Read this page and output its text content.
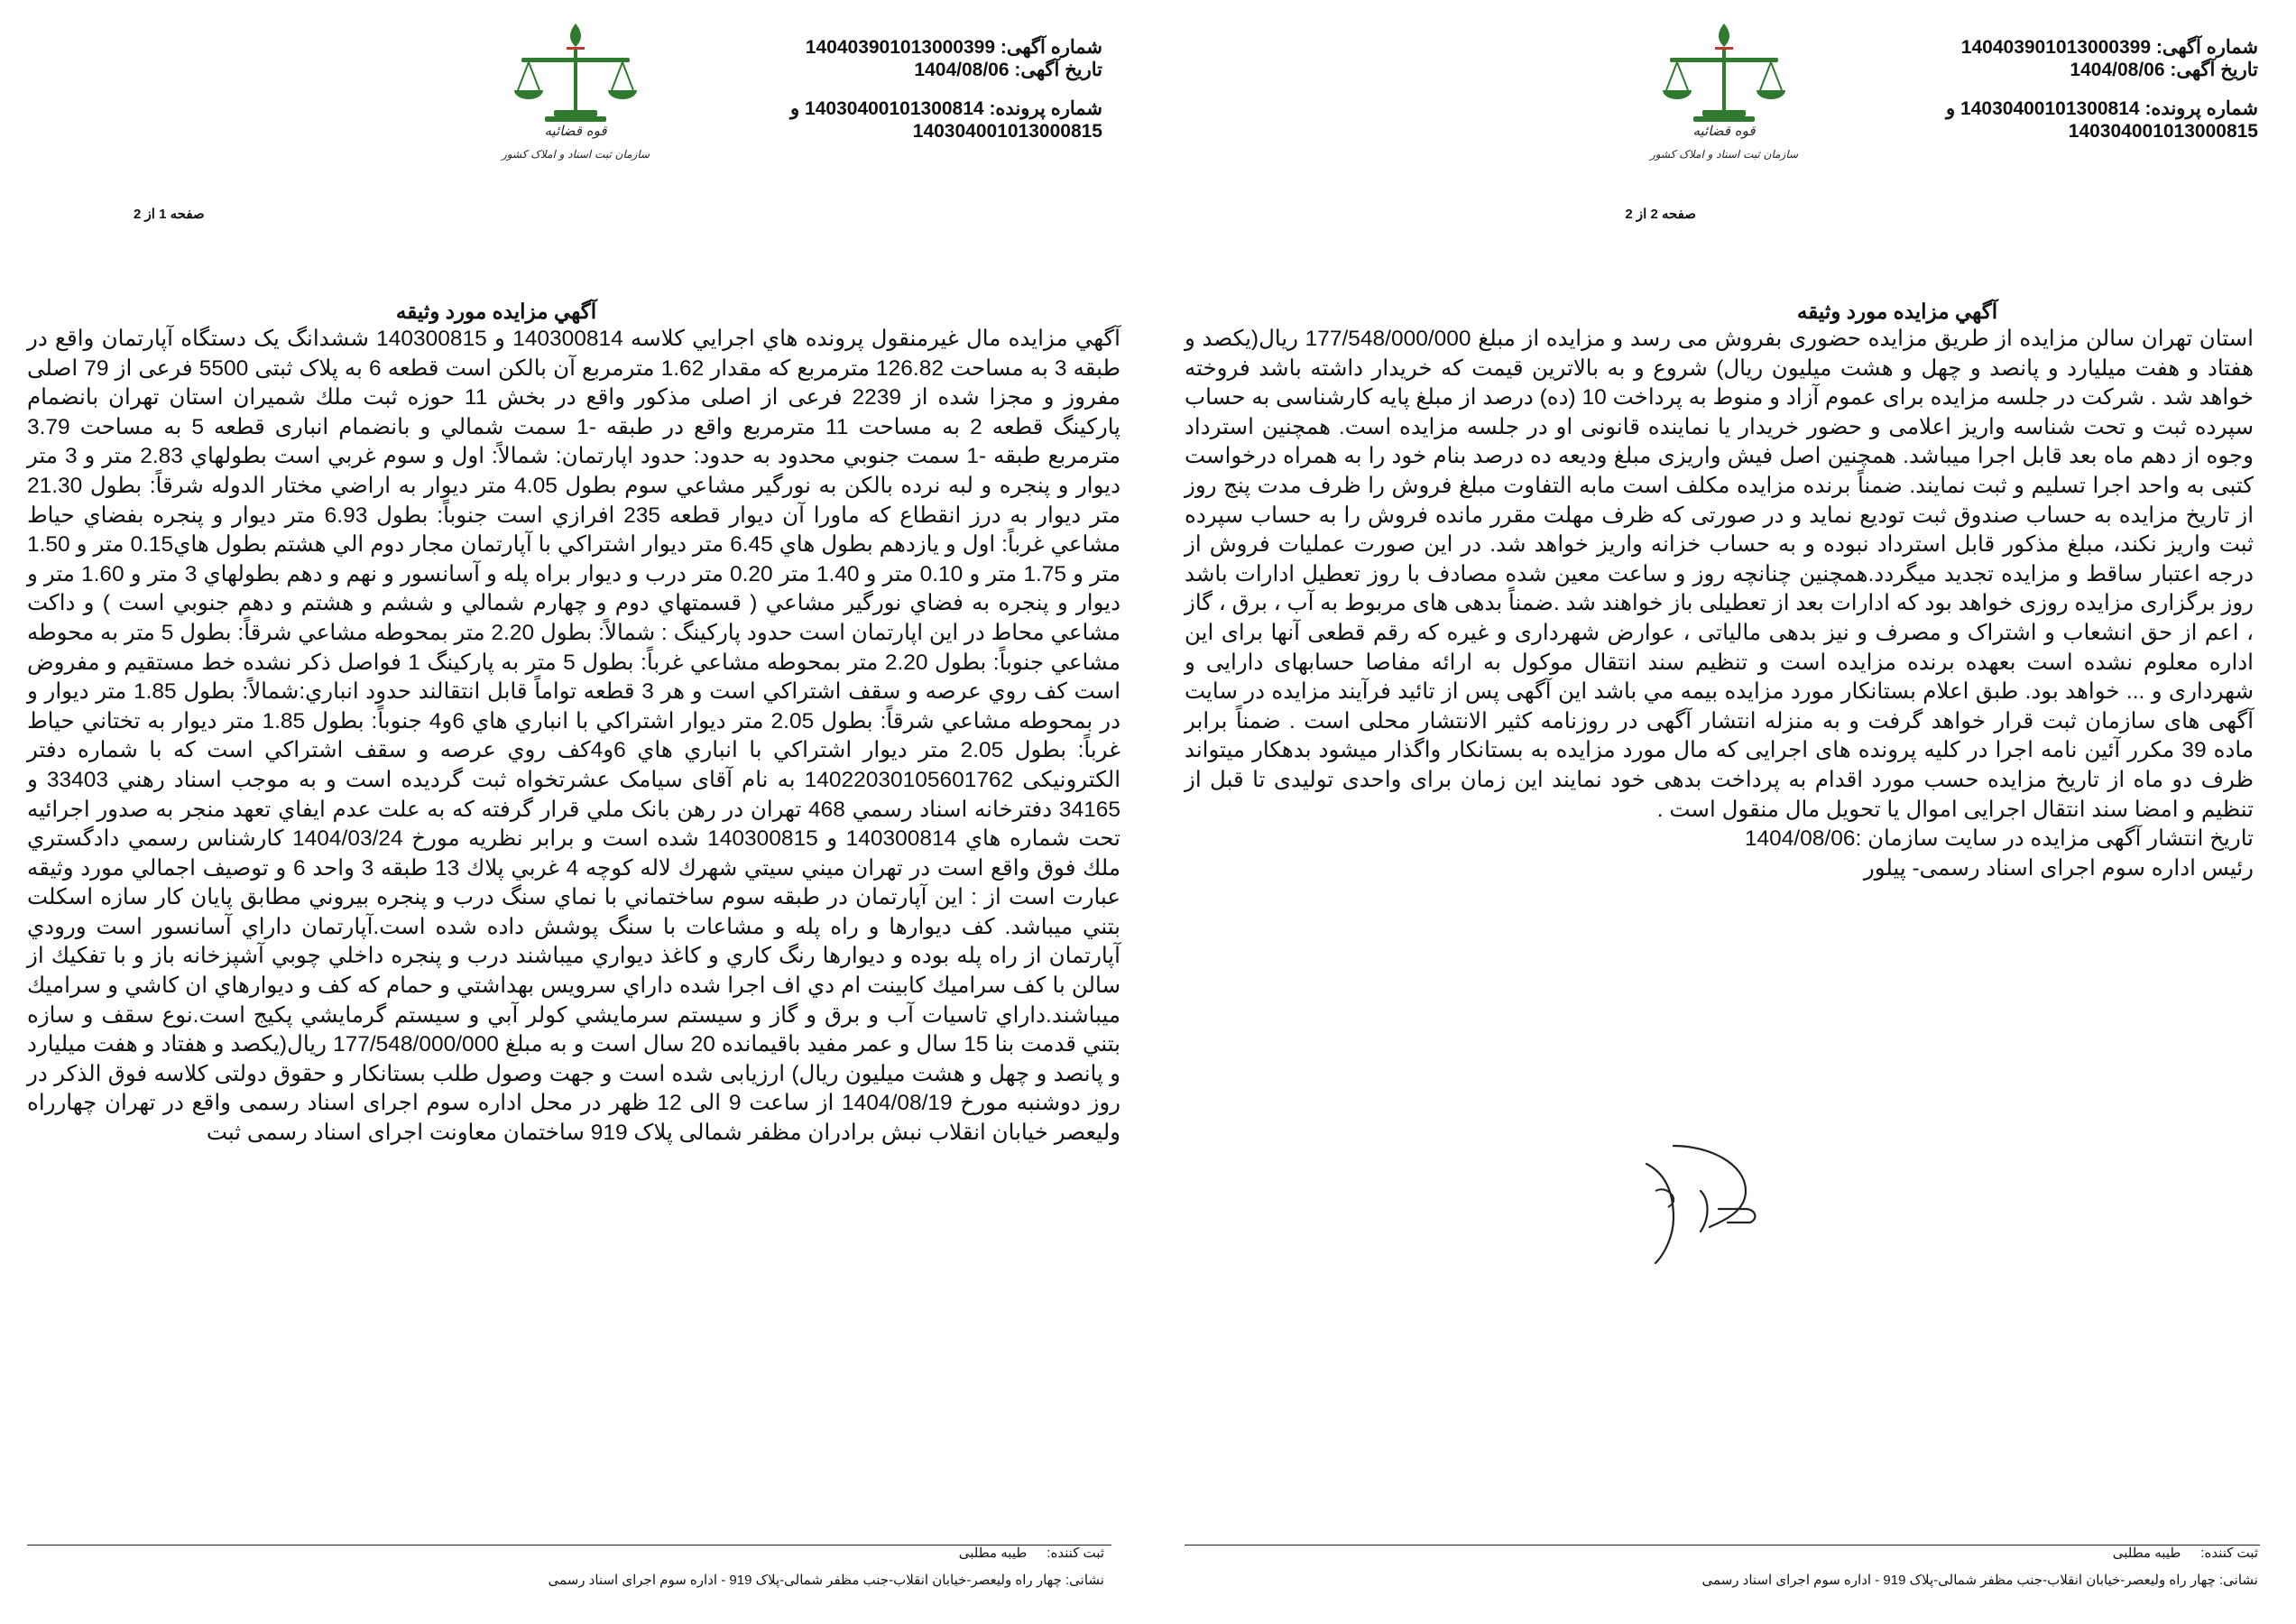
قوه قضائیه
سازمان ثبت اسناد و املاک کشور
شماره آگهی: 140403901013000399
تاریخ آگهی: 1404/08/06
شماره پرونده: 14030400101300814 و
140304001013000815
صفحه 2 از 2
آگهي مزايده مورد وثيقه

استان تهران سالن مزايده از طريق مزايده حضوری بفروش می رسد و مزايده از مبلغ 177/548/000/000 ريال(يکصد و هفتاد و هفت ميليارد و پانصد و چهل و هشت ميليون ريال) شروع و به بالاترين قيمت که خريدار داشته باشد فروخته خواهد شد . شرکت در جلسه مزايده برای عموم آزاد و منوط به پرداخت 10 (ده) درصد از مبلغ پايه کارشناسی به حساب سپرده ثبت و تحت شناسه واريز اعلامی و حضور خريدار يا نماينده قانونی او در جلسه مزايده است. همچنين استرداد وجوه از دهم ماه بعد قابل اجرا ميباشد. همچنين اصل فيش واريزی مبلغ وديعه ده درصد بنام خود را به همراه درخواست کتبی به واحد اجرا تسليم و ثبت نمايند. ضمناً برنده مزايده مکلف است مابه التفاوت مبلغ فروش را ظرف مدت پنج روز از تاريخ مزايده به حساب صندوق ثبت توديع نمايد و در صورتی که ظرف مهلت مقرر مانده فروش را به حساب سپرده ثبت واريز نکند، مبلغ مذکور قابل استرداد نبوده و به حساب خزانه واريز خواهد شد. در اين صورت عمليات فروش از درجه اعتبار ساقط و مزايده تجديد ميگردد.همچنين چنانچه روز و ساعت معين شده مصادف با روز تعطيل ادارات باشد روز برگزاری مزايده روزی خواهد بود که ادارات بعد از تعطيلی باز خواهند شد .ضمناً بدهی های مربوط به آب ، برق ، گاز ، اعم از حق انشعاب و اشتراک و مصرف و نيز بدهی مالياتی ، عوارض شهرداری و غيره که رقم قطعی آنها برای اين اداره معلوم نشده است بعهده برنده مزايده است و تنظيم سند انتقال موکول به ارائه مفاصا حسابهای دارايی و شهرداری و ... خواهد بود. طبق اعلام بستانکار مورد مزايده بيمه مي باشد اين آگهی پس از تائيد فرآيند مزايده در سايت آگهی های سازمان ثبت قرار خواهد گرفت و به منزله انتشار آگهی در روزنامه کثير الانتشار محلی است . ضمناً برابر ماده 39 مکرر آئين نامه اجرا در کليه پرونده های اجرايی که مال مورد مزايده به بستانکار واگذار ميشود بدهکار ميتواند ظرف دو ماه از تاريخ مزايده حسب مورد اقدام به پرداخت بدهی خود نمايند اين زمان برای واحدی توليدی تا قبل از تنظيم و امضا سند انتقال اجرايی اموال يا تحويل مال منقول است .

تاریخ انتشار آگهی مزایده در سایت سازمان :1404/08/06

رئیس اداره سوم اجرای اسناد رسمی- پیلور

ثبت کننده:
طیبه مطلبی
نشانی: چهار راه ولیعصر-خیابان انقلاب-جنب مظفر شمالی-پلاک 919 - اداره سوم اجرای اسناد رسمی
قوه قضائیه
سازمان ثبت اسناد و املاک کشور
شماره آگهی: 140403901013000399
تاریخ آگهی: 1404/08/06
شماره پرونده: 14030400101300814 و
140304001013000815
صفحه 1 از 2
آگهي مزايده مورد وثيقه

آگهي مزايده مال غيرمنقول پرونده هاي اجرايي کلاسه 140300814 و 140300815 ششدانگ يک دستگاه آپارتمان واقع در طبقه 3 به مساحت 126.82 مترمربع که مقدار 1.62 مترمربع آن بالکن است قطعه 6 به پلاک ثبتی 5500 فرعی از 79 اصلی مفروز و مجزا شده از 2239 فرعی از اصلی مذکور واقع در بخش 11 حوزه ثبت ملك شميران استان تهران بانضمام پارکينگ قطعه 2 به مساحت 11 مترمربع واقع در طبقه -1 سمت شمالي و بانضمام انباری قطعه 5 به مساحت 3.79 مترمربع طبقه -1 سمت جنوبي محدود به حدود: حدود اپارتمان: شمالاً: اول و سوم غربي است بطولهاي 2.83 متر و 3 متر ديوار و پنجره و لبه نرده بالكن به نورگير مشاعي سوم بطول 4.05 متر ديوار به اراضي مختار الدوله شرقاً: بطول 21.30 متر ديوار به درز انقطاع كه ماورا آن ديوار قطعه 235 افرازي است جنوباً: بطول 6.93 متر ديوار و پنجره بفضاي حياط مشاعي غرباً: اول و يازدهم بطول هاي 6.45 متر ديوار اشتراكي با آپارتمان مجار دوم الي هشتم بطول هاي0.15 متر و 1.50 متر و 1.75 متر و 0.10 متر و 1.40 متر 0.20 متر درب و ديوار براه پله و آسانسور و نهم و دهم بطولهاي 3 متر و 1.60 متر و ديوار و پنجره به فضاي نورگير مشاعي ( قسمتهاي دوم و چهارم شمالي و ششم و هشتم و دهم جنوبي است ) و داكت مشاعي محاط در اين اپارتمان است حدود پاركينگ : شمالاً: بطول 2.20 متر بمحوطه مشاعي شرقاً: بطول 5 متر به محوطه مشاعي جنوباً: بطول 2.20 متر بمحوطه مشاعي غرباً: بطول 5 متر به پاركينگ 1 فواصل ذكر نشده خط مستقيم و مفروض است كف روي عرصه و سقف اشتراكي است و هر 3 قطعه تواماً قابل انتقالند حدود انباري:شمالاً: بطول 1.85 متر ديوار و در بمحوطه مشاعي شرقاً: بطول 2.05 متر ديوار اشتراكي با انباري هاي 6و4 جنوباً: بطول 1.85 متر ديوار به تختاني حياط غرباً: بطول 2.05 متر ديوار اشتراكي با انباري هاي 6و4كف روي عرصه و سقف اشتراكي است كه با شماره دفتر الکترونیکی 14022030105601762 به نام آقای سیامک عشرتخواه ثبت گردیده است و به موجب اسناد رهني 33403 و 34165 دفترخانه اسناد رسمي 468 تهران در رهن بانک ملي قرار گرفته كه به علت عدم ايفاي تعهد منجر به صدور اجرائيه تحت شماره هاي 140300814 و 140300815 شده است و برابر نظريه مورخ 1404/03/24 كارشناس رسمي دادگستري ملك فوق واقع است در تهران ميني سيتي شهرك لاله کوچه 4 غربي پلاك 13 طبقه 3 واحد 6 و توصيف اجمالي مورد وثيقه عبارت است از : اين آپارتمان در طبقه سوم ساختماني با نماي سنگ درب و پنجره بيروني مطابق پايان كار سازه اسكلت بتني ميباشد. كف ديوارها و راه پله و مشاعات با سنگ پوشش داده شده است.آپارتمان داراي آسانسور است ورودي آپارتمان از راه پله بوده و ديوارها رنگ كاري و كاغذ ديواري ميباشند درب و پنجره داخلي چوبي آشپزخانه باز و با تفكيك از سالن با كف سراميك كابينت ام دي اف اجرا شده داراي سرويس بهداشتي و حمام كه كف و ديوارهاي ان كاشي و سراميك ميباشند.داراي تاسيات آب و برق و گاز و سيستم سرمايشي كولر آبي و سيستم گرمايشي پكيج است.نوع سقف و سازه بتني قدمت بنا 15 سال و عمر مفيد باقيمانده 20 سال است و به مبلغ 177/548/000/000 ريال(يکصد و هفتاد و هفت ميليارد و پانصد و چهل و هشت ميليون ريال) ارزيابی شده است و جهت وصول طلب بستانکار و حقوق دولتی کلاسه فوق الذکر در روز دوشنبه مورخ 1404/08/19 از ساعت 9 الی 12 ظهر در محل اداره سوم اجرای اسناد رسمی واقع در تهران چهارراه وليعصر خيابان انقلاب نبش برادران مظفر شمالی پلاک 919 ساختمان معاونت اجرای اسناد رسمی ثبت

ثبت کننده:
طیبه مطلبی
نشانی: چهار راه ولیعصر-خیابان انقلاب-جنب مظفر شمالی-پلاک 919 - اداره سوم اجرای اسناد رسمی
